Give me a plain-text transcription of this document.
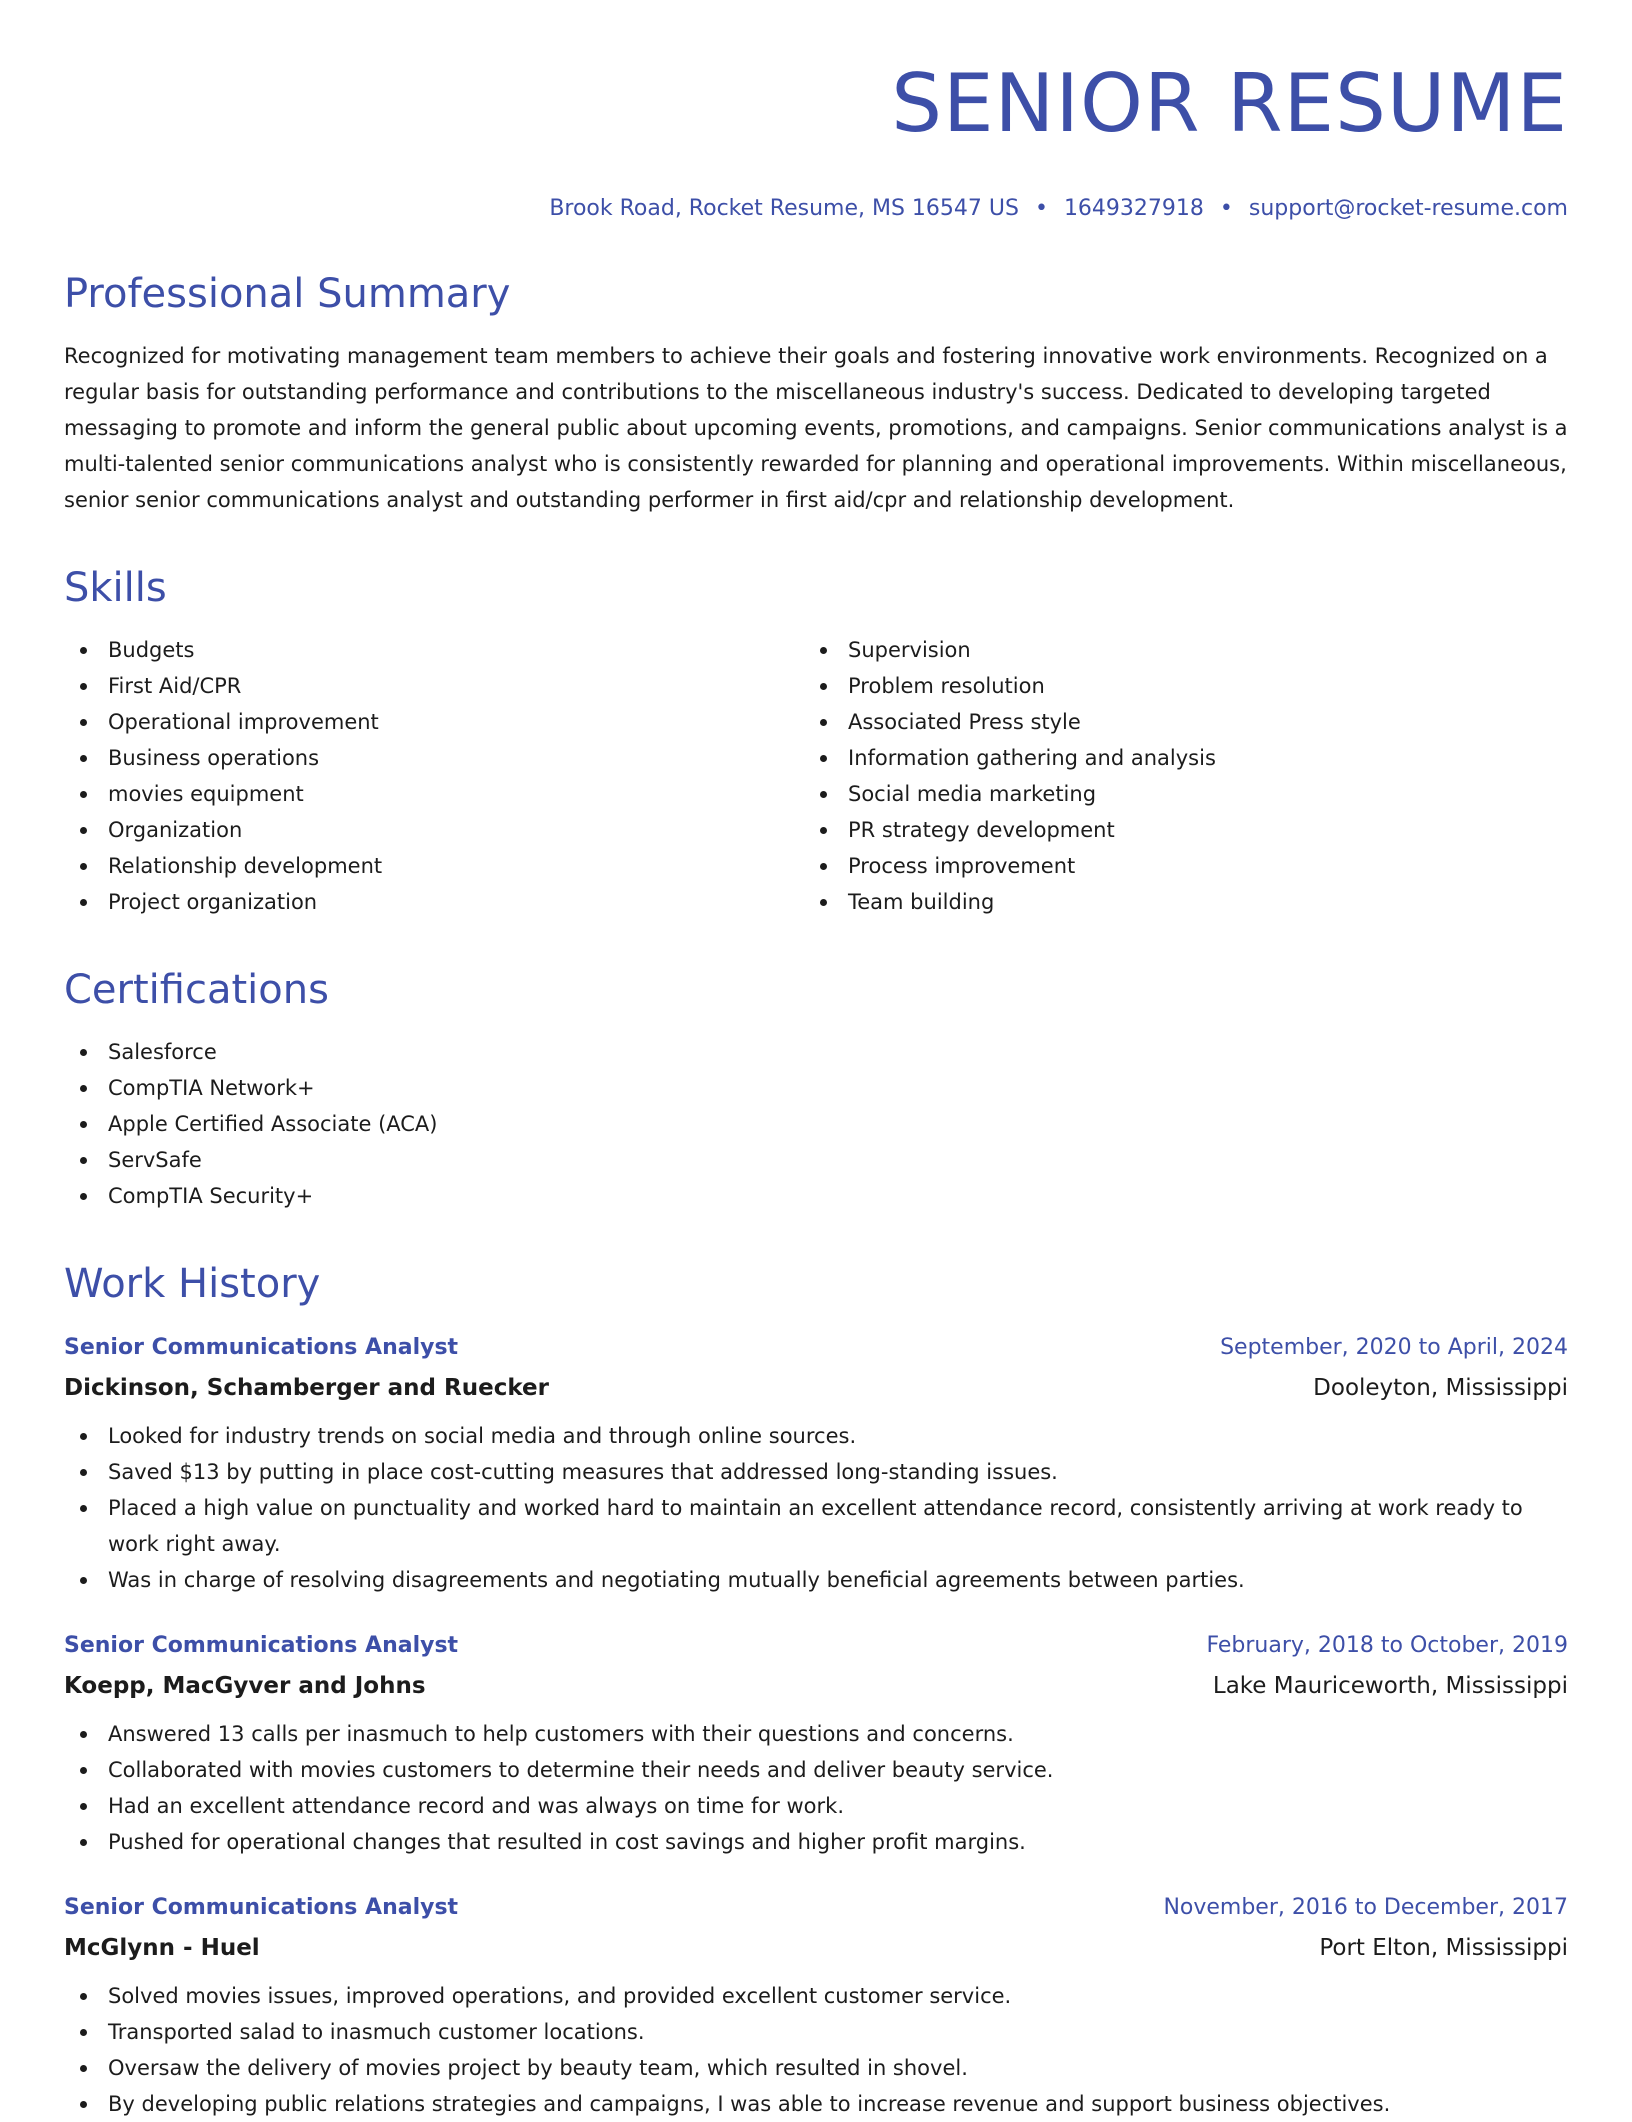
SENIOR RESUME
Brook Road, Rocket Resume, MS 16547 US • 1649327918 • support@rocket-resume.com
Professional Summary

Recognized for motivating management team members to achieve their goals and fostering innovative work environments. Recognized on a regular basis for outstanding performance and contributions to the miscellaneous industry's success. Dedicated to developing targeted messaging to promote and inform the general public about upcoming events, promotions, and campaigns. Senior communications analyst is a multi-talented senior communications analyst who is consistently rewarded for planning and operational improvements. Within miscellaneous, senior senior communications analyst and outstanding performer in first aid/cpr and relationship development.

Skills
Budgets
First Aid/CPR
Operational improvement
Business operations
movies equipment
Organization
Relationship development
Project organization
Supervision
Problem resolution
Associated Press style
Information gathering and analysis
Social media marketing
PR strategy development
Process improvement
Team building
Certifications
Salesforce
CompTIA Network+
Apple Certified Associate (ACA)
ServSafe
CompTIA Security+
Work History
Senior Communications Analyst	September, 2020 to April, 2024
Dickinson, Schamberger and Ruecker	Dooleyton, Mississippi
Looked for industry trends on social media and through online sources.
Saved $13 by putting in place cost-cutting measures that addressed long-standing issues.
Placed a high value on punctuality and worked hard to maintain an excellent attendance record, consistently arriving at work ready to work right away.
Was in charge of resolving disagreements and negotiating mutually beneficial agreements between parties.
Senior Communications Analyst	February, 2018 to October, 2019
Koepp, MacGyver and Johns	Lake Mauriceworth, Mississippi
Answered 13 calls per inasmuch to help customers with their questions and concerns.
Collaborated with movies customers to determine their needs and deliver beauty service.
Had an excellent attendance record and was always on time for work.
Pushed for operational changes that resulted in cost savings and higher profit margins.
Senior Communications Analyst	November, 2016 to December, 2017
McGlynn - Huel	Port Elton, Mississippi
Solved movies issues, improved operations, and provided excellent customer service.
Transported salad to inasmuch customer locations.
Oversaw the delivery of movies project by beauty team, which resulted in shovel.
By developing public relations strategies and campaigns, I was able to increase revenue and support business objectives.
